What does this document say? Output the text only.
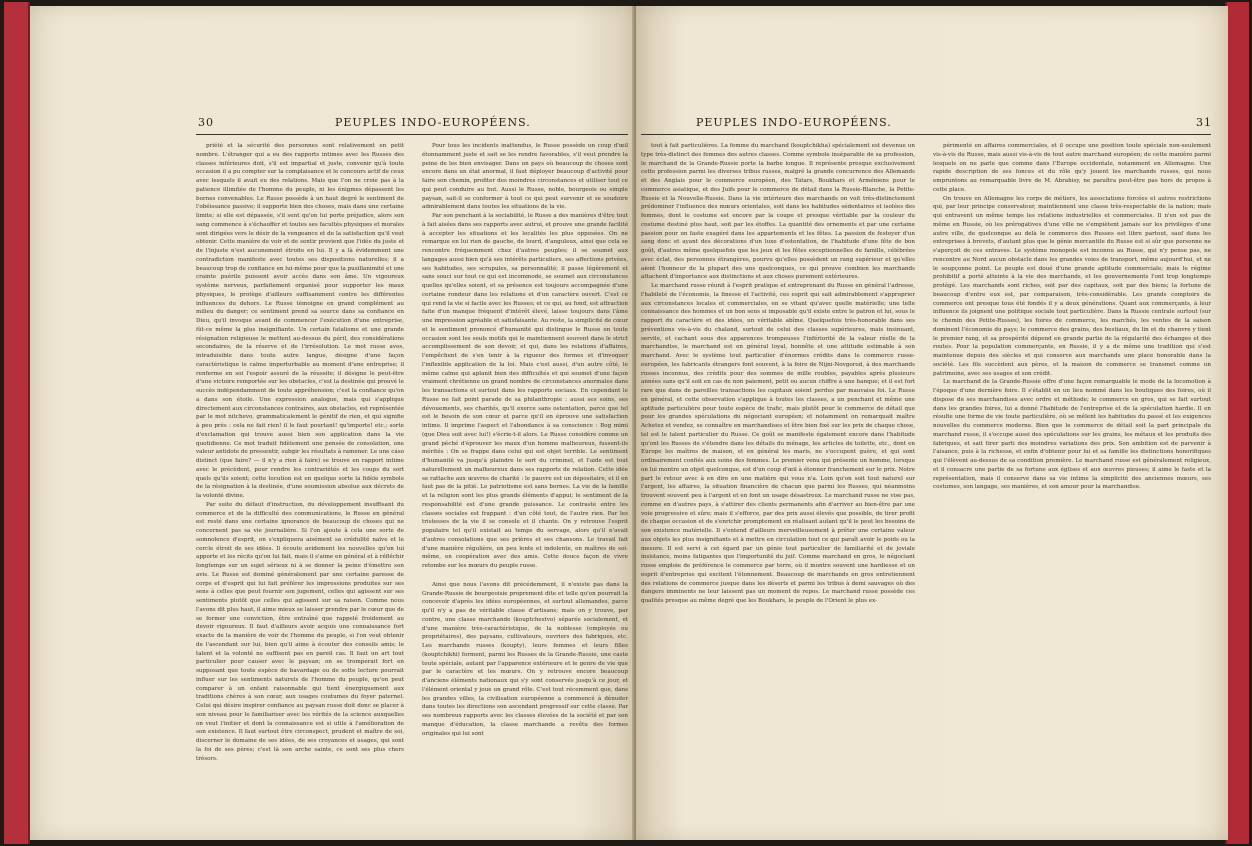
30	PEUPLES INDO-EUROPÉENS.

priété et la sécurité des personnes sont relativement en petit nombre. L'étranger qui a eu des rapports intimes avec les Russes des classes inférieures doit, s'il est impartial et juste, convenir qu'à toute occasion il a pu compter sur la complaisance et le concours actif de ceux avec lesquels il avait eu des relations. Mais que l'on ne croie pas à la patience illimitée de l'homme du peuple, ni les énigmes dépassent les bornes convenables. Le Russe possède à un haut degré le sentiment de l'obéissance passive; il supporte bien des choses, mais dans une certaine limite; si elle est dépassée, s'il sent qu'on lui porte préjudice, alors son sang commence à s'échauffer et toutes ses facultés physiques et morales sont dirigées vers le désir de la vengeance et de la satisfaction qu'il veut obtenir. Cette manière de voir et de sentir provient que l'idée du juste et de l'injuste n'est aucunement étroite en lui. Il y a là évidemment une contradiction manifeste avec toutes ses dispositions naturelles; il a beaucoup trop de confiance en lui-même pour que la pusillanimité et une crainte puérile puissent avoir accès dans son âme. Un vigoureux système nerveux, parfaitement organisé pour supporter les maux physiques, le protège d'ailleurs suffisamment contre les différentes influences du dehors. Le Russe témoigne en grand complément au milieu du danger; ce sentiment prend sa source dans sa confiance en Dieu, qu'il invoque avant de commencer l'exécution d'une entreprise, fût-ce même la plus insignifiante. Un certain fatalisme et une grande résignation religieuse le mettent au-dessus du péril, des considérations secondaires, de la réserve et de l'irrésolution. Le mot russe avos, intraduisible dans toute autre langue, désigne d'une façon caractéristique le calme imperturbable au moment d'une entreprise; il renferme en soi l'espoir assuré de la réussite; il désigne le peut-être d'une victoire remportée sur les obstacles, c'est la destinée qui prouvé le succès indépendamment de toute appréhension; c'est la confiance qu'on a dans son étoile. Une expression analogue, mais qui s'applique directement aux circonstances contraires, aux obstacles, est représentée par le mot nitchevo, grammaticalement le génitif de rien, et qui signifie à peu près : cela ne fait rien! il le faut pourtant! qu'importe! etc.; sorte d'exclamation qui trouve aussi bien son application dans la vie quotidienne. Ce mot traduit fidèlement une pensée de consolation, une valeur antidote de pressentir, subgir les résultats à ramener. Le une cáso distinct (que faire? — il n'y a rien à faire) se trouve en rapport intime avec le précédent, pour rendre les contrariétés et les coups du sort quels qu'ils soient; cette locution est en quelque sorte la fidèle symbole de la résignation à la destinée, d'une soumission absolue aux décrets de la volonté divine.

Par suite du défaut d'instruction, du développement insuffisant du commerce et de la difficulté des communications, le Russe en général est resté dans une certaine ignorance de beaucoup de choses qui ne concernent pas sa vie journalière. Si l'on ajoute à cela une sorte de somnolence d'esprit, on s'expliquera aisément sa crédulité naïve et le cercle étroit de ses idées. Il écoute avidement les nouvelles qu'on lui apporte et les récits qu'on lui fait, mais il s'aime en général et à réfléchir longtemps sur un sujet sérieux ni à se donner la peine d'émettre son avis. Le Russe est dominé généralement par une certaine paresse de corps et d'esprit qui lui fait préférer les impressions produites sur ses sens à celles que peut fournir son jugement, celles qui agissent sur ses sentiments plutôt que celles qui agissent sur sa raison. Comme nous l'avons dit plus haut, il aime mieux se laisser prendre par le cœur que de se former une conviction, être entraîné que rappelé froidement au devoir rigoureux. Il faut d'ailleurs avoir acquis une connaissance fort exacte de la manière de voir de l'homme du peuple, si l'on veut obtenir de l'ascendant sur lui, bien qu'il aime à écouter des conseils amis; le talent et la volonté ne suffisent pas en pareil cas. Il faut un art tout particulier pour causer avec le paysan; on se tromperait fort en supposant que toute espèce de bavardage ou de sotte lecture pourrait influer sur les sentiments naturels de l'homme du peuple, qu'on peut comparer à un enfant raisonnable qui tient énergiquement aux traditions chères à son cœur, aux usages coutumes du foyer paternel. Celui qui désire inspirer confiance au paysan russe doit donc se placer à son niveau pour le familiariser avec les vérités de la science auxquelles on veut l'initier et dont la connaissance est si utile à l'amélioration de son existence. Il faut surtout être circonspect, prudent et maître de soi, discerner le domaine de ses idées, de ses croyances et usages, qui sont la foi de ses pères; c'est là son arche sainte, ce sont ses plus chers trésors.

Pour tous les incidents inattendus, le Russe possède un coup d'œil étonnamment juste et sait se les rendre favorables, s'il veut prendre la peine de les bien envisager. Dans un pays où beaucoup de choses sont encore dans un état anormal, il faut déployer beaucoup d'activité pour faire son chemin, profiter des moindres circonstances et utiliser tout ce qui peut conduire au but. Aussi le Russe, noble, bourgeois ou simple paysan, sait-il se conformer à tout ce qui peut survenir et se soudoire admirablement dans toutes les situations de la vie.

Par son penchant à la sociabilité, le Russe a des manières d'être tout à fait aisées dans ses rapports avec autrui, et prouve une grande facilité à accepter les situations et les localités les plus opposées. On ne remarque en lui rien de gauche, de lourd, d'anguleux, ainsi que cela se rencontre fréquemment chez d'autres peuples; il se soumet aux langages aussi bien qu'à ses intérêts particuliers, ses affections privées, ses habitudes, ses scrupules, sa personnalité; il passe légèrement et sans souci sur tout ce qui est incommode, se soumet aux circonstances quelles qu'elles soient, et sa présence est toujours accompagnée d'une certaine rondeur dans les relations et d'un caractère ouvert. C'est ce qui rend la vie si facile avec les Russes; et ce qui, au fond, est attraction faite d'un manque fréquent d'intérêt élevé, laisse toujours dans l'âme une impression agréable et satisfaisante. Au reste, la simplicité de cœur et le sentiment prononcé d'humanité qui distingue le Russe en toute occasion sont les seuls motifs qui le maintiennent souvent dans le strict accomplissement de son devoir, et qui, dans les relations d'affaires, l'empêchent de s'en tenir à la rigueur des formes et d'invoquer l'inflexible application de la loi. Mais c'est aussi, d'un autre côté, le même calme qui aplanit bien des difficultés et qui soumet d'une façon vraiment chrétienne un grand nombre de circonstances anormales dans les transactions et surtout dans les rapports sociaux. En cependant le Russe ne fait point parade de sa philanthropie : aussi ses soins, ses dévouements, ses charités, qu'il exerce sans ostentation, parce que tel est le besoin de son cœur et parce qu'il en éprouve une satisfaction intime. Il imprime l'aspect et l'abondance à sa conscience : Bog mimi (que Dieu soit avec lui!) s'écrie-t-il alors. Le Russe considère comme un grand péché d'éprouver les maux d'un homme malheureux, fussent-ils mérités : On se frappe dans celui qui est objet terrible. Le sentiment d'humanité va jusqu'à plaindre le sort du criminel, et l'aide est tout naturellement un malheureux dans ses rapports de relation. Cette idée se rattache aux œuvres de charité : le pauvre est un dépositaire, et il en faut pas de la pitié. Le patriotisme est sans bornes. La vie de la famille et la religion sont les plus grands éléments d'appui; le sentiment de la responsabilité est d'une grande puissance. Le contraste entre les classes sociales est frappant : d'un côté tout, de l'autre rien. Par les tristesses de la vie il se console et il chante. On y retrouve l'esprit populaire tel qu'il existait au temps du servage, alors qu'il n'avait d'autres consolations que ses prières et ses chansons. Le travail fait d'une manière régulière, un peu lente et indolente, en maîtres de soi-même, en coopération avec des amis. Cette douce façon de vivre retombe sur les mœurs du peuple russe.

Ainsi que nous l'avons dit précédemment, il n'existe pas dans la Grande-Russie de bourgeoisie proprement dite et telle qu'on pourrait la concevoir d'après les idées européennes, et surtout allemandes, parce qu'il n'y a pas de véritable classe d'artisans; mais on y trouve, par contre, une classe marchande (kouptchestvo) séparée socialement, et d'une manière très-caractéristique, de la noblesse (employés ou propriétaires), des paysans, cultivateurs, ouvriers des fabriques, etc. Les marchands russes (koupty), leurs femmes et leurs filles (kouptchikhi) forment, parmi les Russes de la Grande-Russie, une caste toute spéciale, autant par l'apparence extérieure et le genre de vie que par le caractère et les mœurs. On y retrouve encore beaucoup d'anciens éléments nationaux qui s'y sont conservés jusqu'à ce jour, et l'élément oriental y joue un grand rôle. C'est tout récemment que, dans les grandes villes, la civilisation européenne a commencé à dénuder dans toutes les directions son ascendant progressif sur cette classe. Par ses nombreux rapports avec les classes élevées de la société et par son manque d'éducation, la classe marchande a revêtu des formes originales qui lui sont

PEUPLES INDO-EUROPÉENS.	31

tout à fait particulières. La femme du marchand (kouptchikha) spécialement est devenue un type très-distinct des femmes des autres classes. Comme symbole inséparable de sa profession, le marchand de la Grande-Russie porte la barbe longue. Il représente presque exclusivement cette profession parmi les diverses tribus russes, malgré la grande concurrence des Allemands et des Anglais pour le commerce européen, des Tatars, Boukhars et Arméniens pour le commerce asiatique, et des Juifs pour le commerce de détail dans la Russie-Blanche, la Petite-Russie et la Nouvelle-Russie. Dans la vie intérieure des marchands on voit très-distinctement prédominer l'influence des mœurs orientales, soit dans les habitudes sédentaires et isolées des femmes, dont le costume est encore par la coupe et presque véritable par la couleur du costume destiné plus haut, soit par les étoffes. La quantité des ornements et par une certaine passion pour un faste exagéré dans les appartements et les fêtes. La passion de festoyer d'un sang donc et ayant des décorations d'un luxe d'ostentation, de l'habitude d'une fête de bon goût, d'autres même quelquefois que les jeux et les fêtes exceptionnelles de famille, célébrées avec éclat, des personnes étrangères, pourvu qu'elles possèdent un rang supérieur et qu'elles aient l'honneur de la plupart des uns quelconques, ce qui prouve combien les marchands attachent d'importance aux distinctions et aux choses purement extérieures.

Le marchand russe réunit à l'esprit pratique et entreprenant du Russe en général l'adresse, l'habileté de l'économie, la finesse et l'activité, ces esprit qui sait admirablement s'approprier aux circonstances locales et commerciales, en se vitant qu'avec quelle matérielle; une telle connaissance des hommes et un bon sens si imposable qu'il existe entre le patron et lui, sous le rapport du caractère et des idées, un véritable abîme. Quelquefois très-honorable dans ses préventions vis-à-vis du chaland, surtout de celui des classes supérieures, mais insinuant, servile, et cachant sous des apparences trompeuses l'infériorité de la valeur réelle de la marchandise, le marchand est en général loyal, honnête et une attitude estimable à son marchand. Avec le système tout particulier d'énormes crédits dans le commerce russe-européen, les fabricants étrangers font souvent, à la foire de Nijni-Novgorod, à des marchands russes inconnus, des crédits pour des sommes de mille roubles, payables après plusieurs années sans qu'il soit en cas de non paiement, petit ou aucun chiffre à une banque; et il est fort rare que dans de pareilles transactions les capitaux soient perdus par mauvaise foi. Le Russe en général, et cette observation s'applique à toutes les classes, a un penchant et même une aptitude particulière pour toute espèce de trafic, mais plutôt pour le commerce de détail que pour les grandes spéculations du négociant européen; et notamment on remarquait maître Achetez et vendez, se connaître en marchandises et être bien fixé sur les prix de chaque chose, tel est le talent particulier du Russe. Ce goût se manifeste également encore dans l'habitude qu'ont les Russes de s'étendre dans les détails du ménage, les articles de toilette, etc., dont en Europe les maîtres de maison, et en général les maris, ne s'occupent guère, et qui sont ordinairement confiés aux soins des femmes. Le premier venu qui présente un homme, lorsque on lui montre un objet quelconque, est d'un coup d'œil à étonner franchement sur le prix. Notre part le retour avec à en dire en une matière qui vous n'a. Loin qu'on soit tout naturel sur l'argent, les affaires, la situation financière de chacun que parmi les Russes, qui néanmoins trouvent souvent peu à l'argent et en font un usage désastreux. Le marchand russe ne vise pas, comme en d'autres pays, à s'attirer des clients permanents afin d'arriver au bien-être par une voie progressive et sûre; mais il s'efforce, par des prix aussi élevés que possible, de tirer profit de chaque occasion et de s'enrichir promptement en réalisant autant qu'il le peut les besoins de son existence matérielle. Il s'entend d'ailleurs merveilleusement à prêter une certaine valeur aux objets les plus insignifiants et à mettre en circulation tout ce qui paraît avoir le poids ou la mesure. Il est servi à cet égard par un génie tout particulier de familiarité et de joviale insistance, moins fatigantes que l'importunité du juif. Comme marchand en gros, le négociant russe emploie de préférence le commerce par terre, où il montre souvent une hardiesse et un esprit d'entreprise qui excitent l'étonnement. Beaucoup de marchands en gros entretiennent des relations de commerce jusque dans les déserts et parmi les tribus à demi sauvages où des dangers imminents ne leur laissent pas un moment de repos. Le marchand russe possède ces qualités presque au même degré que les Boukhars, le peuple de l'Orient le plus ex-

périmenté en affaires commerciales, et il occupe une position toute spéciale non-seulement vis-à-vis du Russe, mais aussi vis-à-vis de tout autre marchand européen; de cette manière parmi lesquels on ne parle que comme dans l'Europe occidentale, notamment en Allemagne. Une rapide description de ses fonces et du rôle qu'y jouent les marchands russes, qui nous empruntons au remarquable livre de M. Abrahisy, ne paraîtra peut-être pas hors de propos à cette place.

On trouve en Allemagne les corps de métiers, les associations forcées et autres restrictions qui, par leur principe conservateur, maintiennent une classe très-respectable de la nation; mais qui entravent un même temps les relations industrielles et commerciales. Il n'en est pas de même en Russie, où les prérogatives d'une ville ne s'empiètent jamais sur les privilèges d'une autre ville, de quelconque au delà le commerce des Russes est libre partout, sauf dans les entreprises à brevets, d'autant plus que le génie mercantile du Russe est si sûr que personne ne s'aperçoit de ces entraves. Le système monopole est inconnu au Russe, qui n'y pense pas, ne rencontre au Nord aucun obstacle dans les grandes voies de transport, même aujourd'hui, et ne le soupçonne point. Le peuple est doué d'une grande aptitude commerciale; mais le régime prohibitif a porté atteinte à la vie des marchands, et les gouvernements l'ont trop longtemps protégé. Les marchands sont riches, soit par des capitaux, soit par des biens; la fortune de beaucoup d'entre eux est, par comparaison, très-considérable. Les grands comptoirs de commerce ont presque tous été fondés il y a deux générations. Quant aux commerçants, à leur influence ils joignent une politique sociale tout particulière. Dans la Russie centrale surtout (sur le chemin des Petite-Russes), les foires de commerce, les marchés, les ventes de la saison dominent l'économie du pays; le commerce des grains, des bestiaux, du lin et du chanvre y tient le premier rang, et sa prospérité dépend en grande partie de la régularité des échanges et des routes. Pour la population commerçante, en Russie, il y a de même une tradition qui s'est maintenue depuis des siècles et qui conserve aux marchands une place honorable dans la société. Les fils succèdent aux pères, et la maison de commerce se transmet comme un patrimoine, avec ses usages et son crédit.

Le marchand de la Grande-Russie offre d'une façon remarquable le mode de la locomotion à l'époque d'une dernière foire. Il s'établit en un lieu nommé dans les boutiques des foires, où il dispose de ses marchandises avec ordre et méthode; le commerce en gros, qui se fait surtout dans les grandes foires, lui a donné l'habitude de l'entreprise et de la spéculation hardie. Il en résulte une forme de vie toute particulière, où se mêlent les habitudes du passé et les exigences nouvelles du commerce moderne. Bien que le commerce de détail soit la part principale du marchand russe, il s'occupe aussi des spéculations sur les grains, les métaux et les produits des fabriques, et sait tirer parti des moindres variations des prix. Son ambition est de parvenir à l'aisance, puis à la richesse, et enfin d'obtenir pour lui et sa famille les distinctions honorifiques qui l'élèvent au-dessus de sa condition première. Le marchand russe est généralement religieux, et il consacre une partie de sa fortune aux églises et aux œuvres pieuses; il aime le faste et la représentation, mais il conserve dans sa vie intime la simplicité des anciennes mœurs, ses costumes, son langage, ses manières, et son amour pour la marchandise.
